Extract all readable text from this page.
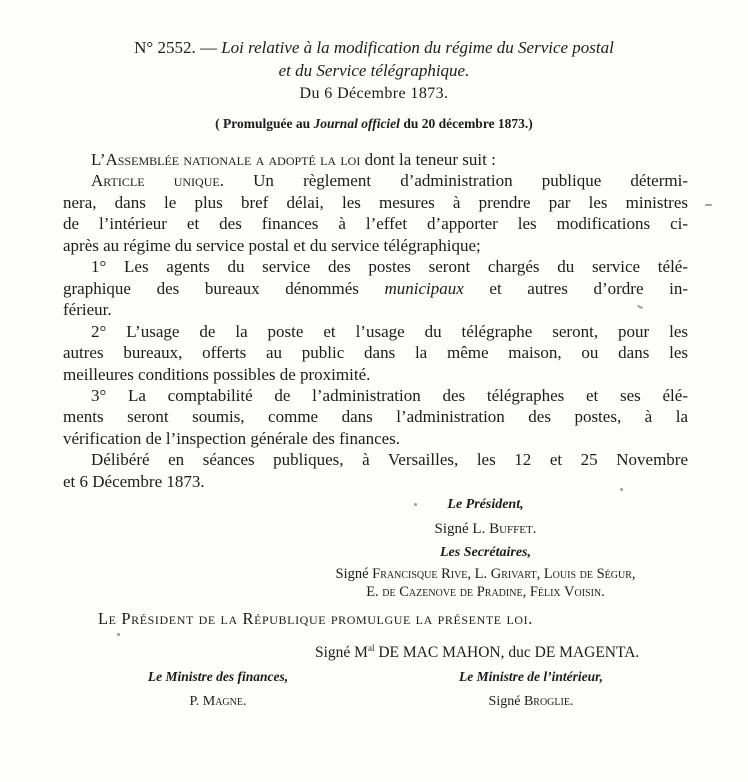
N° 2552. — Loi relative à la modification du régime du Service postal
et du Service télégraphique.
Du 6 Décembre 1873.
( Promulguée au Journal officiel du 20 décembre 1873.)
L’Assemblée nationale a adopté la loi dont la teneur suit :
Article unique. Un règlement d’administration publique détermi-
nera, dans le plus bref délai, les mesures à prendre par les ministres
de l’intérieur et des finances à l’effet d’apporter les modifications ci-
après au régime du service postal et du service télégraphique;
1° Les agents du service des postes seront chargés du service télé-
graphique des bureaux dénommés municipaux et autres d’ordre in-
férieur.
2° L’usage de la poste et l’usage du télégraphe seront, pour les
autres bureaux, offerts au public dans la même maison, ou dans les
meilleures conditions possibles de proximité.
3° La comptabilité de l’administration des télégraphes et ses élé-
ments seront soumis, comme dans l’administration des postes, à la
vérification de l’inspection générale des finances.
Délibéré en séances publiques, à Versailles, les 12 et 25 Novembre
et 6 Décembre 1873.
Le Président,
Signé L. Buffet.
Les Secrétaires,
Signé Francisque Rive, L. Grivart, Louis de Ségur,
E. de Cazenove de Pradine, Félix Voisin.
Le Président de la République promulgue la présente loi.
Signé $M^{al}$ DE MAC MAHON, duc DE MAGENTA.
Le Ministre des finances,
P. Magne.
Le Ministre de l’intérieur,
Signé Broglie.
